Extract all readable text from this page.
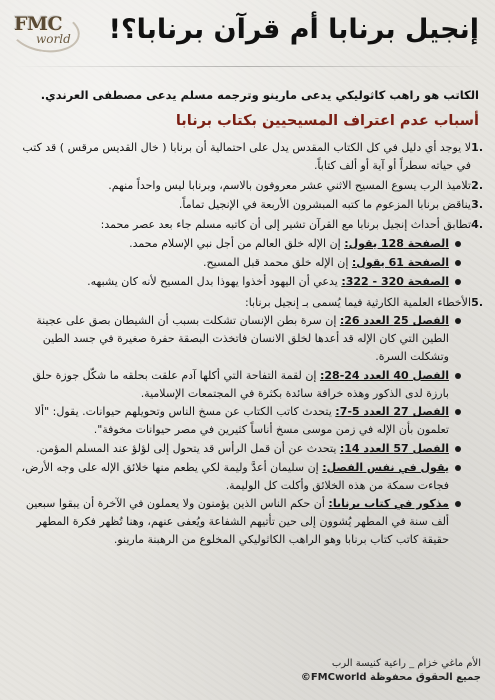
FMC
world إنجيل برنابا أم قرآن برنابا؟!
الكاتب هو راهب كاثوليكي يدعى مارينو وترجمه مسلم يدعى مصطفى العرندي.
أسباب عدم اعتراف المسيحيين بكتاب برنابا
.1
لا يوجد أي دليل في كل الكتاب المقدس يدل على احتمالية أن برنابا ( خال القديس مرقس ) قد كتب في حياته سطراً أو آية أو ألف كتاباً.
.2
تلاميذ الرب يسوع المسيح الاثني عشر معروفون بالاسم، وبرنابا ليس واحداً منهم.
.3
يناقض برنابا المزعوم ما كتبه المبشرون الأربعة في الإنجيل تماماً.
.4
تطابق أحداث إنجيل برنابا مع القرآن تشير إلى أن كاتبه مسلم جاء بعد عصر محمد:
الصفحة 128 يقول: إن الإله خلق العالم من أجل نبي الإسلام محمد.
الصفحة 61 يقول: إن الإله خلق محمد قبل المسيح.
الصفحة 320 - 322: يدعي أن اليهود أخذوا يهوذا بدل المسيح لأنه كان يشبهه.
.5
الأخطاء العلمية الكارثية فيما يُسمى بـ إنجيل برنابا:
الفصل 25 العدد 26: إن سرة بطن الإنسان تشكلت بسبب أن الشيطان بصق على عجينة الطين التي كان الإله قد أعدها لخلق الانسان فاتخذت البصقة حفرة صغيرة في جسد الطين وتشكلت السرة.
الفصل 40 العدد 24-28: إن لقمة التفاحة التي أكلها آدم علقت بحلقه ما شكّل جوزة حلق بارزة لدى الذكور وهذه خرافة سائدة بكثرة في المجتمعات الإسلامية.
الفصل 27 العدد 5-7: يتحدث كاتب الكتاب عن مسخ الناس وتحويلهم حيوانات. يقول: "ألا تعلمون بأن الإله في زمن موسى مسخ أناساً كثيرين في مصر حيوانات مخوفة".
الفصل 57 العدد 14: يتحدث عن أن قمل الرأس قد يتحول إلى لؤلؤ عند المسلم المؤمن.
يقول في نفس الفصل: إن سليمان أعدَّ وليمة لكي يطعم منها خلائق الإله على وجه الأرض، فجاءت سمكة من هذه الخلائق وأكلت كل الوليمة.
مذكور في كتاب برنابا: أن حكم الناس الذين يؤمنون ولا يعملون في الآخرة أن يبقوا سبعين ألف سنة في المطهر يُشوون إلى حين تأتيهم الشفاعة ويُعفى عنهم، وهنا تُظهر فكرة المطهر حقيقة كاتب كتاب برنابا وهو الراهب الكاثوليكي المخلوع من الرهبنة مارينو.
الأم ماغي خزام _ راعية كنيسة الرب
جميع الحقوق محفوظة FMCworld©
